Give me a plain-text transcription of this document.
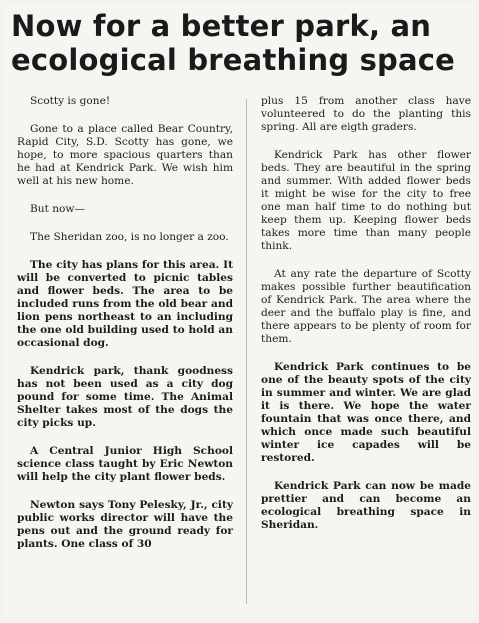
Now for a better park, an
ecological breathing space

Scotty is gone!

Gone to a place called Bear Country, Rapid City, S.D. Scotty has gone, we hope, to more spacious quarters than he had at Kendrick Park. We wish him well at his new home.

But now—

The Sheridan zoo, is no longer a zoo.

The city has plans for this area. It will be converted to picnic tables and flower beds. The area to be included runs from the old bear and lion pens northeast to an including the one old building used to hold an occasional dog.

Kendrick park, thank goodness has not been used as a city dog pound for some time. The Animal Shelter takes most of the dogs the city picks up.

A Central Junior High School science class taught by Eric Newton will help the city plant flower beds.

Newton says Tony Pelesky, Jr., city public works director will have the pens out and the ground ready for plants. One class of 30

plus 15 from another class have volunteered to do the planting this spring. All are eigth graders.

Kendrick Park has other flower beds. They are beautiful in the spring and summer. With added flower beds it might be wise for the city to free one man half time to do nothing but keep them up. Keeping flower beds takes more time than many people think.

At any rate the departure of Scotty makes possible further beautification of Kendrick Park. The area where the deer and the buffalo play is fine, and there appears to be plenty of room for them.

Kendrick Park continues to be one of the beauty spots of the city in summer and winter. We are glad it is there. We hope the water fountain that was once there, and which once made such beautiful winter ice capades will be restored.

Kendrick Park can now be made prettier and can become an ecological breathing space in Sheridan.
